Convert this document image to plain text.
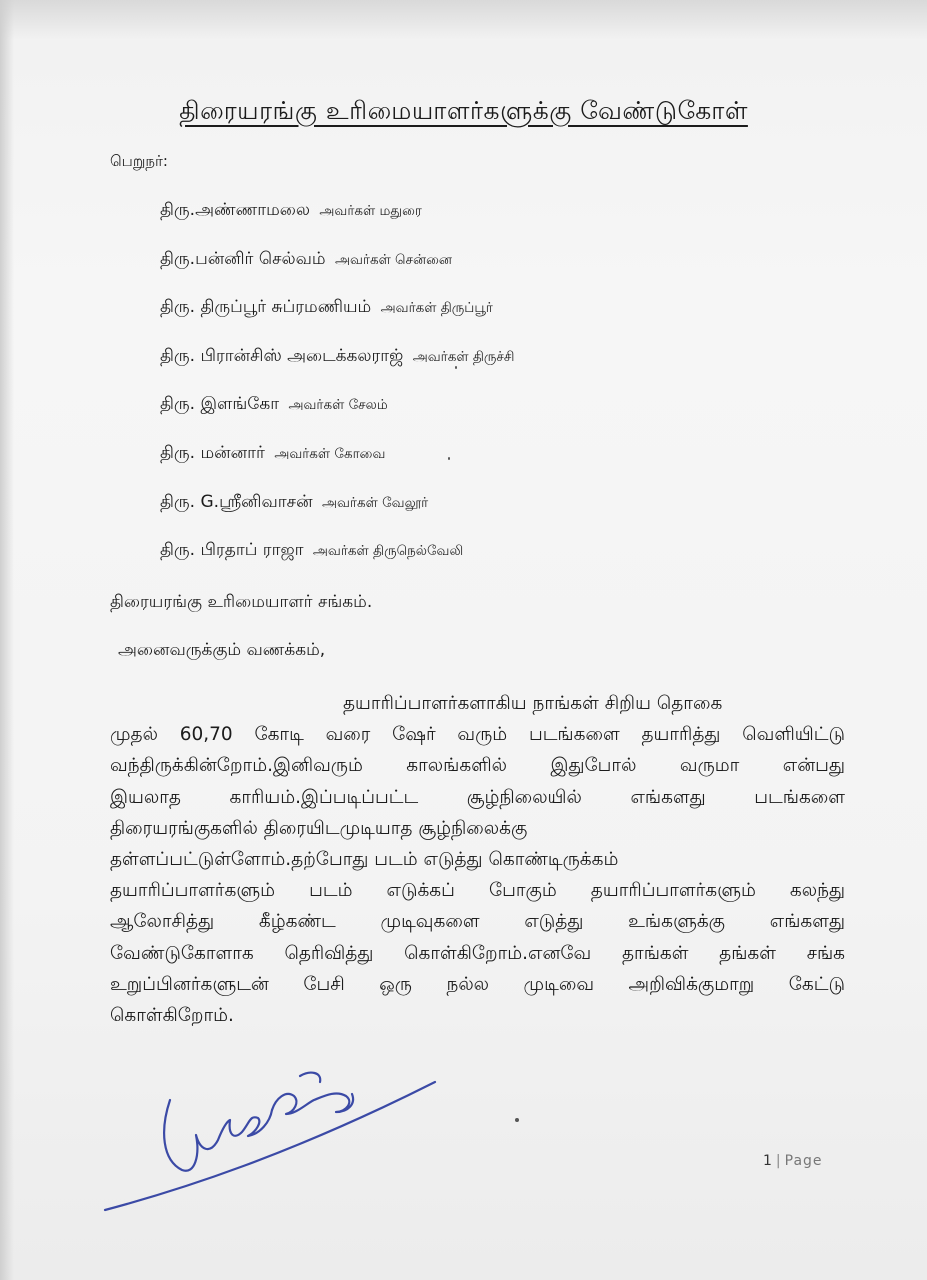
திரையரங்கு உரிமையாளர்களுக்கு வேண்டுகோள்
பெறுநர்:
திரு.அண்ணாமலை அவர்கள் மதுரை
திரு.பன்னிர் செல்வம் அவர்கள் சென்னை
திரு. திருப்பூர் சுப்ரமணியம் அவர்கள் திருப்பூர்
திரு. பிரான்சிஸ் அடைக்கலராஜ் அவர்கள் திருச்சி
திரு. இளங்கோ அவர்கள் சேலம்
திரு. மன்னார் அவர்கள் கோவை
திரு. G.ஸ்ரீனிவாசன் அவர்கள் வேலூர்
திரு. பிரதாப் ராஜா அவர்கள் திருநெல்வேலி
திரையரங்கு உரிமையாளர் சங்கம்.
அனைவருக்கும் வணக்கம்,
தயாரிப்பாளர்களாகிய நாங்கள் சிறிய தொகை
முதல் 60,70 கோடி வரை ஷேர் வரும் படங்களை தயாரித்து வெளியிட்டு
வந்திருக்கின்றோம்.இனிவரும் காலங்களில் இதுபோல் வருமா என்பது
இயலாத காரியம்.இப்படிப்பட்ட சூழ்நிலையில் எங்களது படங்களை
திரையரங்குகளில் திரையிடமுடியாத சூழ்நிலைக்கு
தள்ளப்பட்டுள்ளோம்.தற்போது படம் எடுத்து கொண்டிருக்கம்
தயாரிப்பாளர்களும் படம் எடுக்கப் போகும் தயாரிப்பாளர்களும் கலந்து
ஆலோசித்து கீழ்கண்ட முடிவுகளை எடுத்து உங்களுக்கு எங்களது
வேண்டுகோளாக தெரிவித்து கொள்கிறோம்.எனவே தாங்கள் தங்கள் சங்க
உறுப்பினர்களுடன் பேசி ஒரு நல்ல முடிவை அறிவிக்குமாறு கேட்டு
கொள்கிறோம்.
1 | Page
